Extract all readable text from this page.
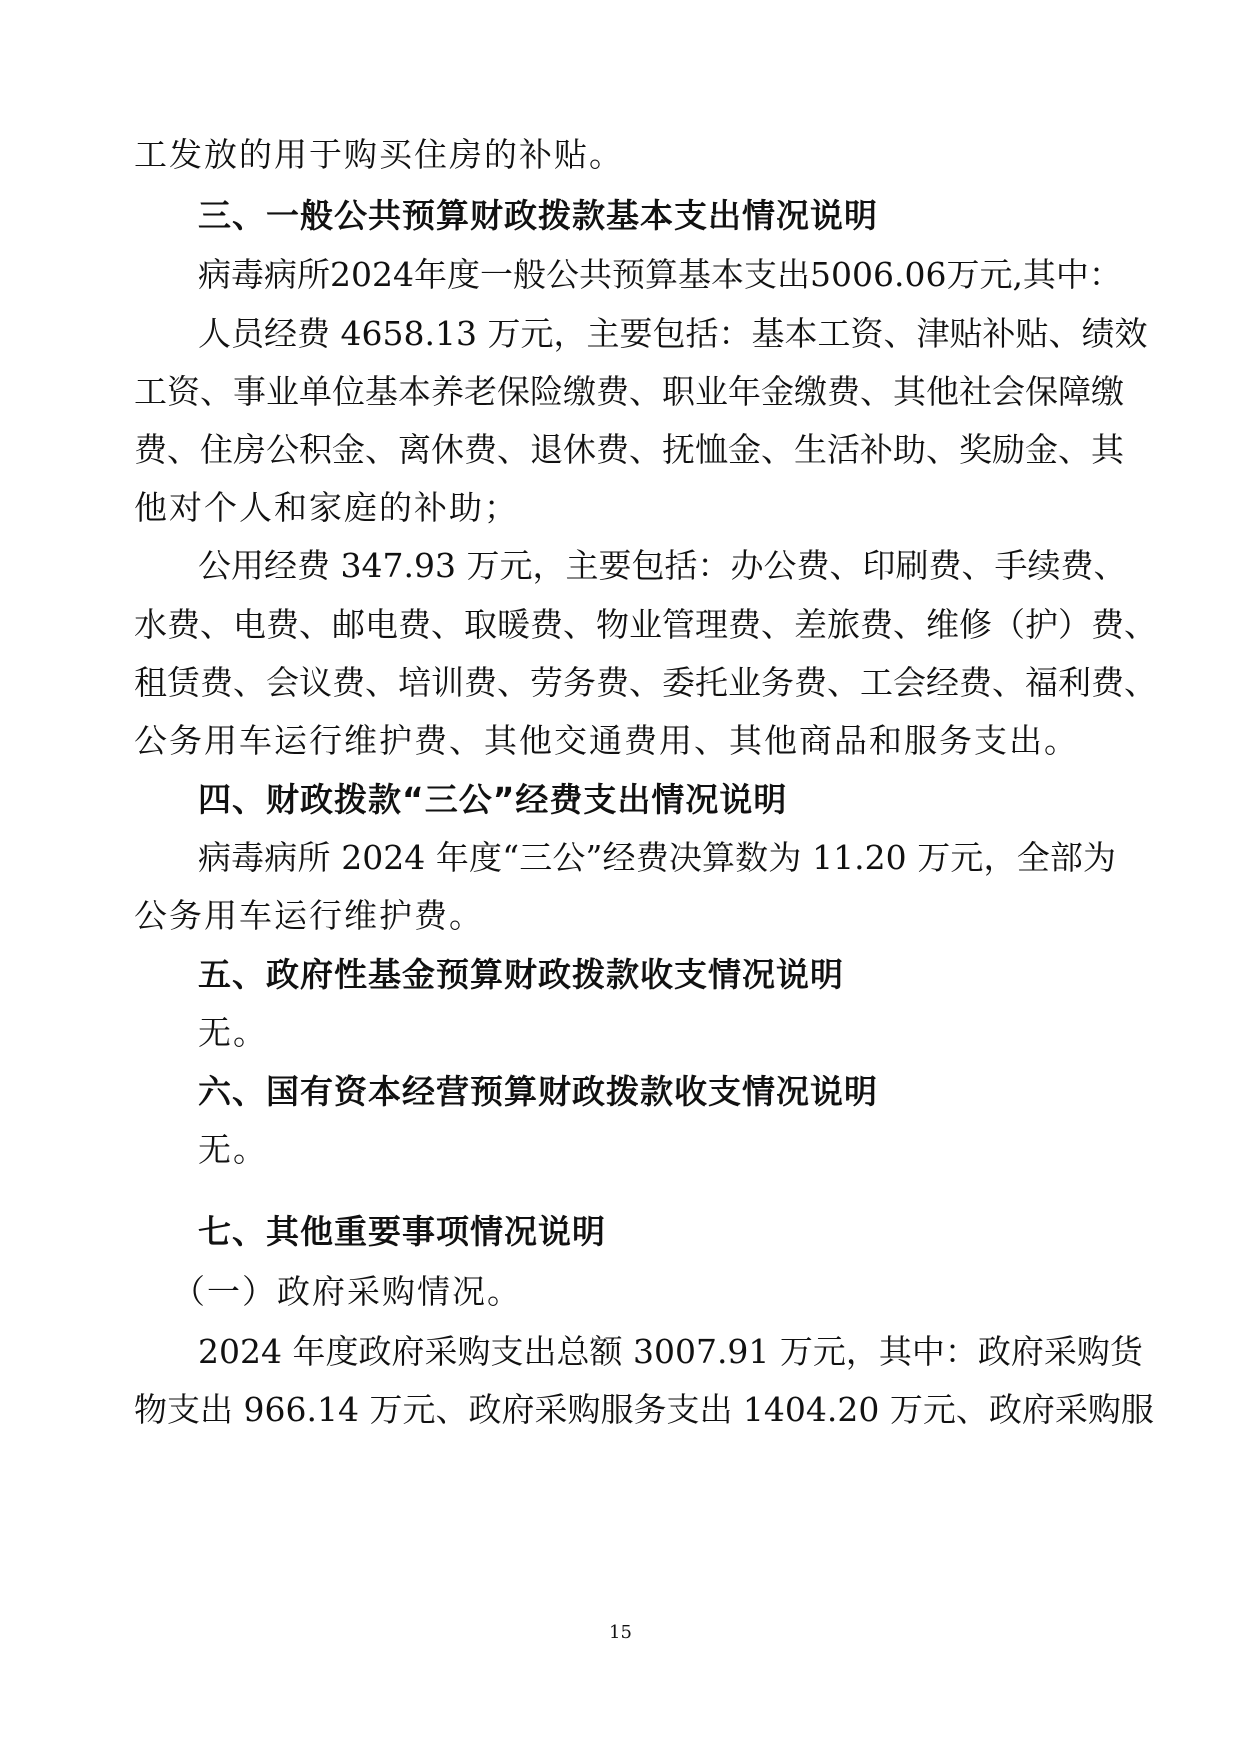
工发放的用于购买住房的补贴。
三、一般公共预算财政拨款基本支出情况说明
病毒病所2024年度一般公共预算基本支出5006.06万元,其中：
人员经费 4658.13 万元，主要包括：基本工资、津贴补贴、绩效
工资、事业单位基本养老保险缴费、职业年金缴费、其他社会保障缴
费、住房公积金、离休费、退休费、抚恤金、生活补助、奖励金、其
他对个人和家庭的补助；
公用经费 347.93 万元，主要包括：办公费、印刷费、手续费、
水费、电费、邮电费、取暖费、物业管理费、差旅费、维修（护）费、
租赁费、会议费、培训费、劳务费、委托业务费、工会经费、福利费、
公务用车运行维护费、其他交通费用、其他商品和服务支出。
四、财政拨款“三公”经费支出情况说明
病毒病所 2024 年度“三公”经费决算数为 11.20 万元，全部为
公务用车运行维护费。
五、政府性基金预算财政拨款收支情况说明
无。
六、国有资本经营预算财政拨款收支情况说明
无。
七、其他重要事项情况说明
（一）政府采购情况。
2024 年度政府采购支出总额 3007.91 万元，其中：政府采购货
物支出 966.14 万元、政府采购服务支出 1404.20 万元、政府采购服
15
